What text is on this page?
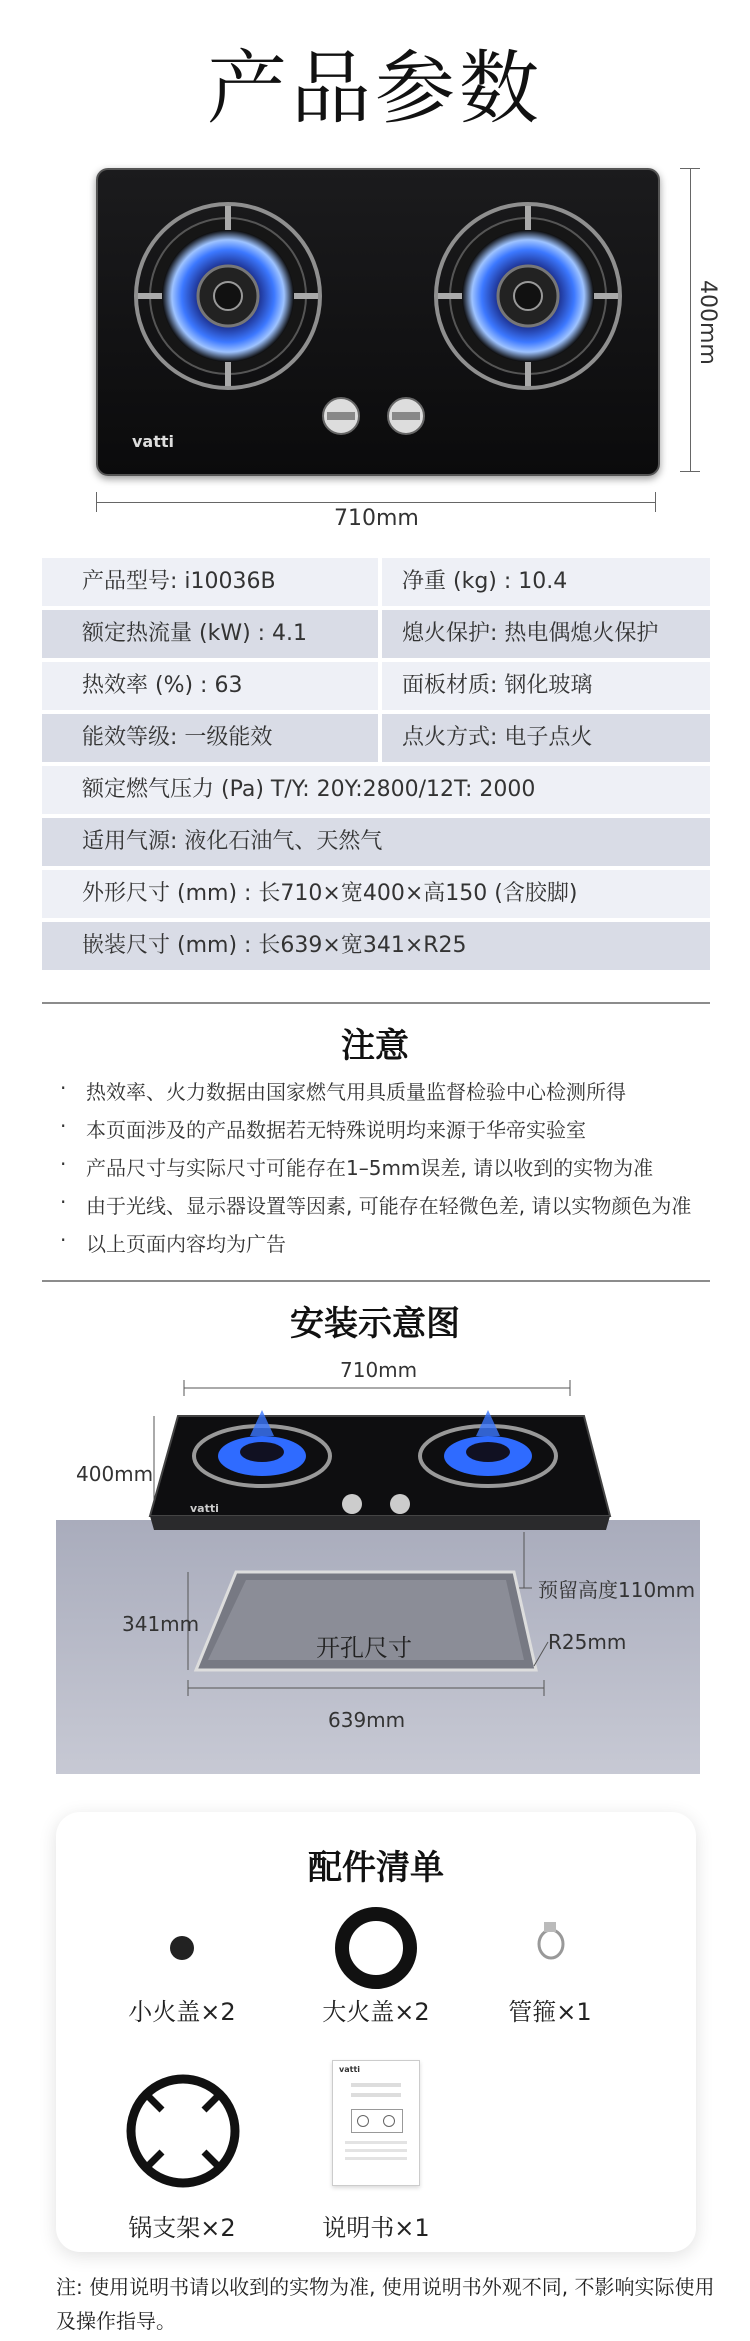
产品参数
vatti
710mm
400mm
产品型号: i10036B	净重 (kg) : 10.4
额定热流量 (kW) : 4.1	熄火保护: 热电偶熄火保护
热效率 (%) : 63	面板材质: 钢化玻璃
能效等级: 一级能效	点火方式: 电子点火
额定燃气压力 (Pa) T/Y: 20Y:2800/12T: 2000
适用气源: 液化石油气、天然气
外形尺寸 (mm) : 长710×宽400×高150 (含胶脚)
嵌装尺寸 (mm) : 长639×宽341×R25
注意
· 热效率、火力数据由国家燃气用具质量监督检验中心检测所得
· 本页面涉及的产品数据若无特殊说明均来源于华帝实验室
· 产品尺寸与实际尺寸可能存在1–5mm误差, 请以收到的实物为准
· 由于光线、显示器设置等因素, 可能存在轻微色差, 请以实物颜色为准
· 以上页面内容均为广告
安装示意图
vatti
710mm
400mm
预留高度110mm
341mm
开孔尺寸	R25mm
639mm
配件清单
小火盖×2	大火盖×2	管箍×1
锅支架×2
vatti
说明书×1
注: 使用说明书请以收到的实物为准, 使用说明书外观不同, 不影响实际使用及操作指导。
